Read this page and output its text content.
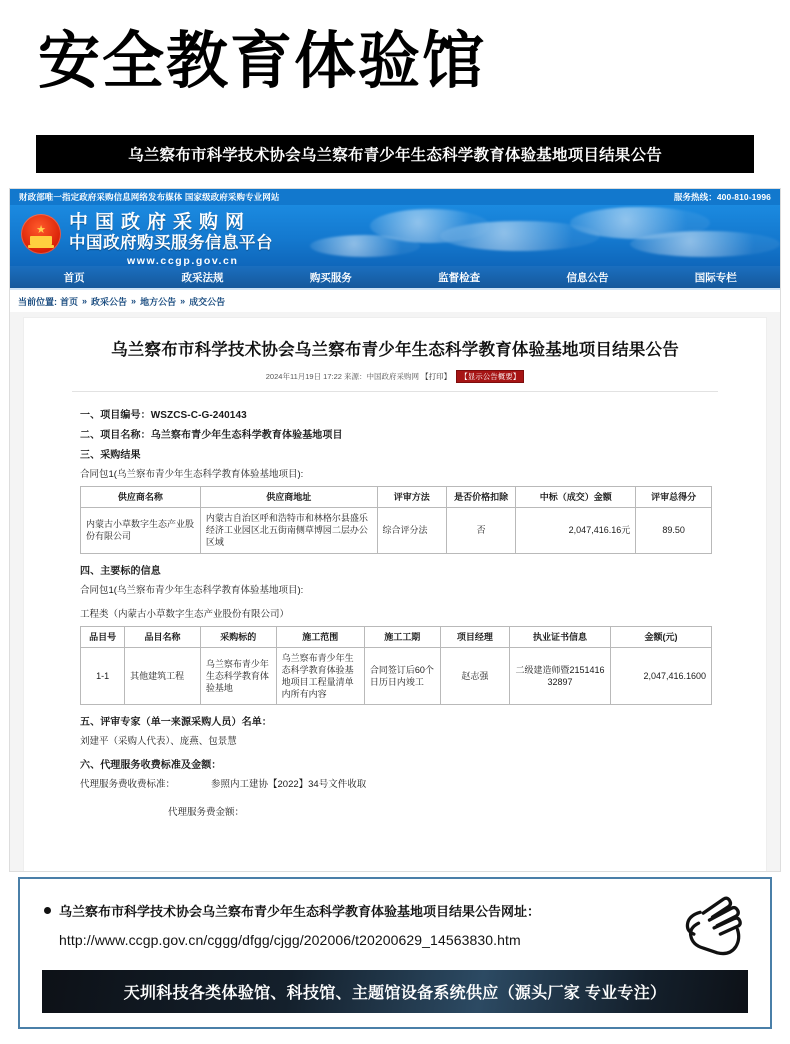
安全教育体验馆
乌兰察布市科学技术协会乌兰察布青少年生态科学教育体验基地项目结果公告
财政部唯一指定政府采购信息网络发布媒体 国家级政府采购专业网站	服务热线：400-810-1996
★ 中国政府采购网
中国政府购买服务信息平台
www.ccgp.gov.cn
首页	政采法规	购买服务	监督检查	信息公告	国际专栏
当前位置: 首页 » 政采公告 » 地方公告 » 成交公告
乌兰察布市科学技术协会乌兰察布青少年生态科学教育体验基地项目结果公告
2024年11月19日 17:22 来源：中国政府采购网 【打印】 【显示公告概要】
一、项目编号：WSZCS-C-G-240143
二、项目名称：乌兰察布青少年生态科学教育体验基地项目
三、采购结果
合同包1(乌兰察布青少年生态科学教育体验基地项目):
供应商名称	供应商地址	评审方法	是否价格扣除	中标（成交）金额	评审总得分
内蒙古小草数字生态产业股份有限公司	内蒙古自治区呼和浩特市和林格尔县盛乐经济工业园区北五街南侧草博园二层办公区域	综合评分法	否	2,047,416.16元	89.50
四、主要标的信息
合同包1(乌兰察布青少年生态科学教育体验基地项目):
工程类（内蒙古小草数字生态产业股份有限公司）
品目号	品目名称	采购标的	施工范围	施工工期	项目经理	执业证书信息	金额(元)
1-1	其他建筑工程	乌兰察布青少年生态科学教育体验基地	乌兰察布青少年生态科学教育体验基地项目工程量清单内所有内容	合同签订后60个日历日内竣工	赵志强	二级建造师暨215141632897	2,047,416.1600
五、评审专家（单一来源采购人员）名单：
刘建平（采购人代表）、庞燕、包景慧
六、代理服务收费标准及金额：
代理服务费收费标准：	参照内工建协【2022】34号文件收取
代理服务费金额：
乌兰察布市科学技术协会乌兰察布青少年生态科学教育体验基地项目结果公告网址：
http://www.ccgp.gov.cn/cggg/dfgg/cjgg/202006/t20200629_14563830.htm
天圳科技各类体验馆、科技馆、主题馆设备系统供应（源头厂家 专业专注）
